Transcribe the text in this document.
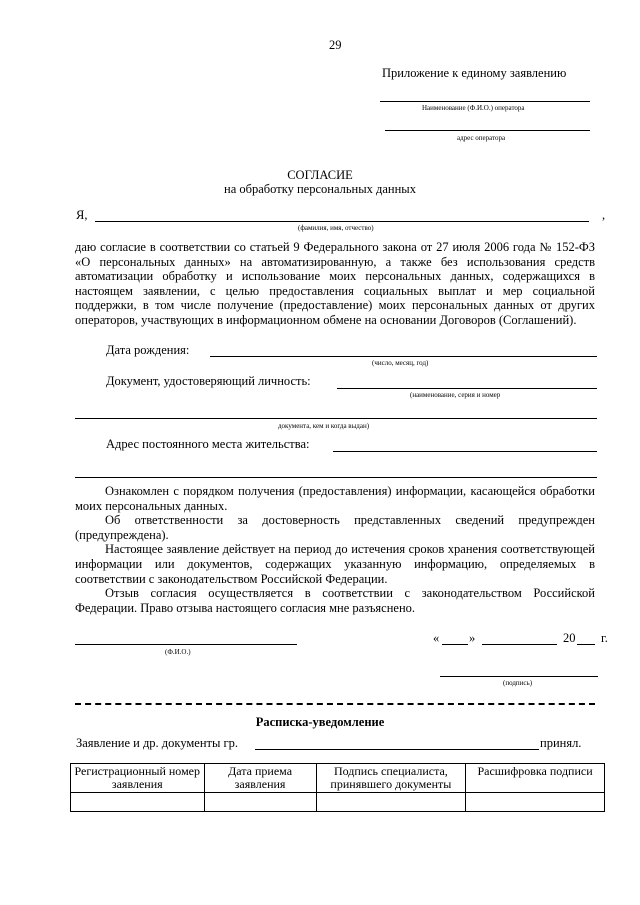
29
Приложение к единому заявлению
Наименование (Ф.И.О.) оператора
адрес оператора
СОГЛАСИЕ
на обработку персональных данных
Я,	,
(фамилия, имя, отчество)
даю согласие в соответствии со статьей 9 Федерального закона от 27 июля 2006 года № 152-ФЗ «О персональных данных» на автоматизированную, а также без использования средств автоматизации обработку и использование моих персональных данных, содержащихся в настоящем заявлении, с целью предоставления социальных выплат и мер социальной поддержки, в том числе получение (предоставление) моих персональных данных от других операторов, участвующих в информационном обмене на основании Договоров (Соглашений).
Дата рождения:
(число, месяц, год)
Документ, удостоверяющий личность:
(наименование, серия и номер
документа, кем и когда выдан)
Адрес постоянного места жительства:

Ознакомлен с порядком получения (предоставления) информации, касающейся обработки моих персональных данных.

Об ответственности за достоверность представленных сведений предупрежден (предупреждена).

Настоящее заявление действует на период до истечения сроков хранения соответствующей информации или документов, содержащих указанную информацию, определяемых в соответствии с законодательством Российской Федерации.

Отзыв согласия осуществляется в соответствии с законодательством Российской Федерации. Право отзыва настоящего согласия мне разъяснено.

(Ф.И.О.)
« »	20 г.
(подпись)
Расписка-уведомление
Заявление и др. документы гр.	принял.
Регистрационный номер заявления	Дата приема заявления	Подпись специалиста, принявшего документы	Расшифровка подписи
